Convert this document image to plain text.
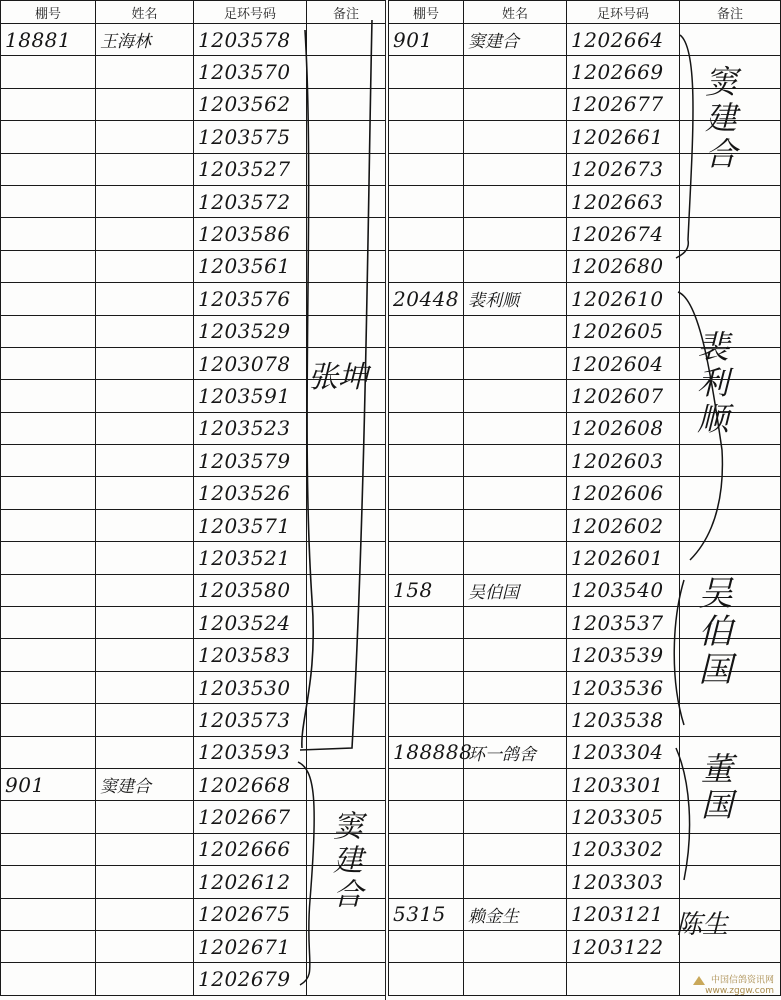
棚号	姓名	足环号码	备注
18881	王海林	1203578	
		1203570	
		1203562	
		1203575	
		1203527	
		1203572	
		1203586	
		1203561	
		1203576	
		1203529	
		1203078	
		1203591	
		1203523	
		1203579	
		1203526	
		1203571	
		1203521	
		1203580	
		1203524	
		1203583	
		1203530	
		1203573	
		1203593	
901	窦建合	1202668	
		1202667	
		1202666	
		1202612	
		1202675	
		1202671	
		1202679	
棚号	姓名	足环号码	备注
901	窦建合	1202664	
		1202669	
		1202677	
		1202661	
		1202673	
		1202663	
		1202674	
		1202680	
20448	裴利顺	1202610	
		1202605	
		1202604	
		1202607	
		1202608	
		1202603	
		1202606	
		1202602	
		1202601	
158	吴伯国	1203540	
		1203537	
		1203539	
		1203536	
		1203538	
188888	环一鸽舍	1203304	
		1203301	
		1203305	
		1203302	
		1203303	
5315	赖金生	1203121	
		1203122	

张坤
窦建合
窦建合
裴利顺
吴伯国
董国
陈生
中国信鸽资讯网
www.zggw.com
